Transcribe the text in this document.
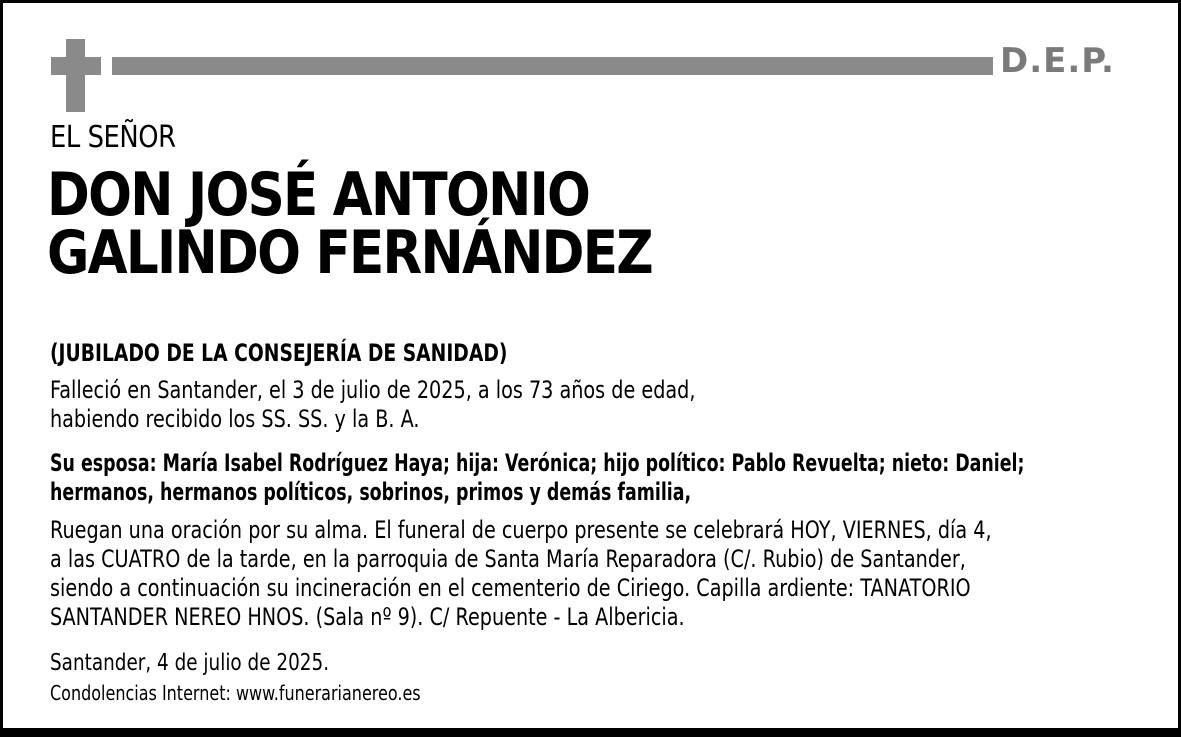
D.E.P.
EL SEÑOR
DON JOSÉ ANTONIO
GALINDO FERNÁNDEZ
(JUBILADO DE LA CONSEJERÍA DE SANIDAD)
Falleció en Santander, el 3 de julio de 2025, a los 73 años de edad,
habiendo recibido los SS. SS. y la B. A.
Su esposa: María Isabel Rodríguez Haya; hija: Verónica; hijo político: Pablo Revuelta; nieto: Daniel;
hermanos, hermanos políticos, sobrinos, primos y demás familia,
Ruegan una oración por su alma. El funeral de cuerpo presente se celebrará HOY, VIERNES, día 4,
a las CUATRO de la tarde, en la parroquia de Santa María Reparadora (C/. Rubio) de Santander,
siendo a continuación su incineración en el cementerio de Ciriego. Capilla ardiente: TANATORIO
SANTANDER NEREO HNOS. (Sala nº 9). C/ Repuente - La Albericia.
Santander, 4 de julio de 2025.
Condolencias Internet: www.funerarianereo.es
